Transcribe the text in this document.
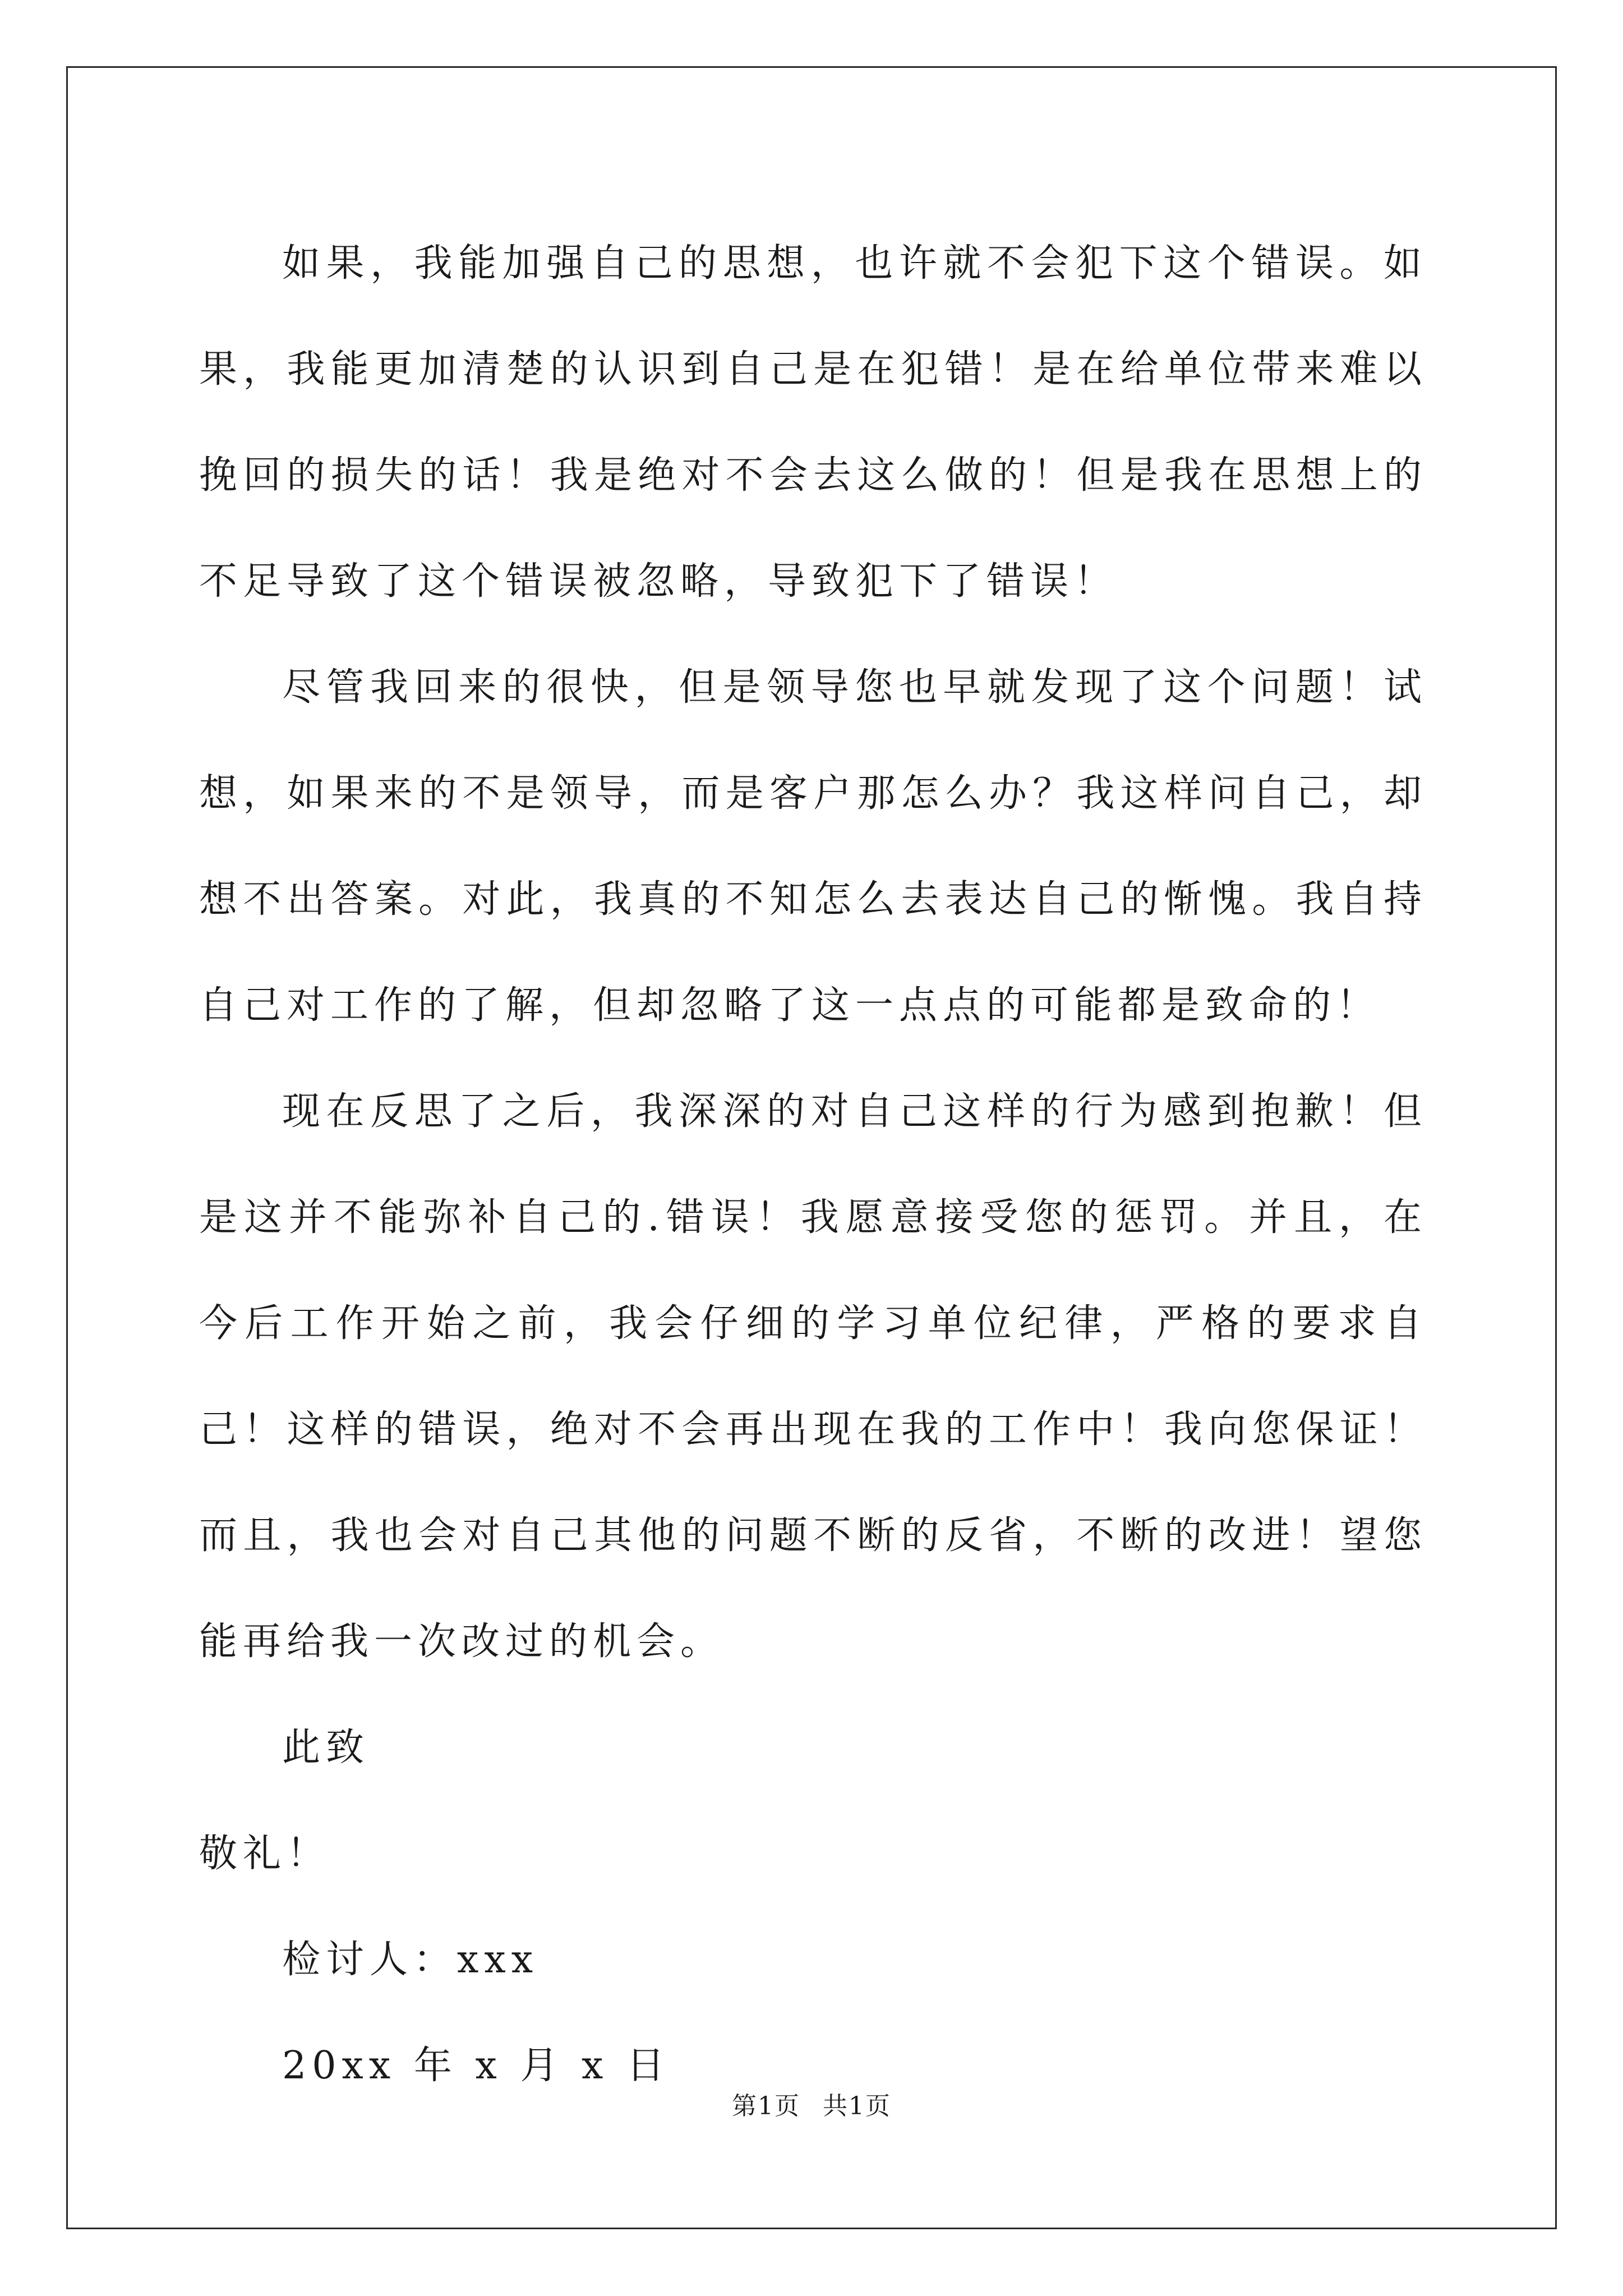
如果，我能加强自己的思想，也许就不会犯下这个错误。如果，我能更加清楚的认识到自己是在犯错！是在给单位带来难以挽回的损失的话！我是绝对不会去这么做的！但是我在思想上的不足导致了这个错误被忽略，导致犯下了错误！

尽管我回来的很快，但是领导您也早就发现了这个问题！试想，如果来的不是领导，而是客户那怎么办？我这样问自己，却想不出答案。对此，我真的不知怎么去表达自己的惭愧。我自持自己对工作的了解，但却忽略了这一点点的可能都是致命的！

现在反思了之后，我深深的对自己这样的行为感到抱歉！但是这并不能弥补自己的.错误！我愿意接受您的惩罚。并且，在今后工作开始之前，我会仔细的学习单位纪律，严格的要求自己！这样的错误，绝对不会再出现在我的工作中！我向您保证！而且，我也会对自己其他的问题不断的反省，不断的改进！望您能再给我一次改过的机会。

此致

敬礼！

检讨人：xxx

20xx 年 x 月 x 日

第1页 共1页
